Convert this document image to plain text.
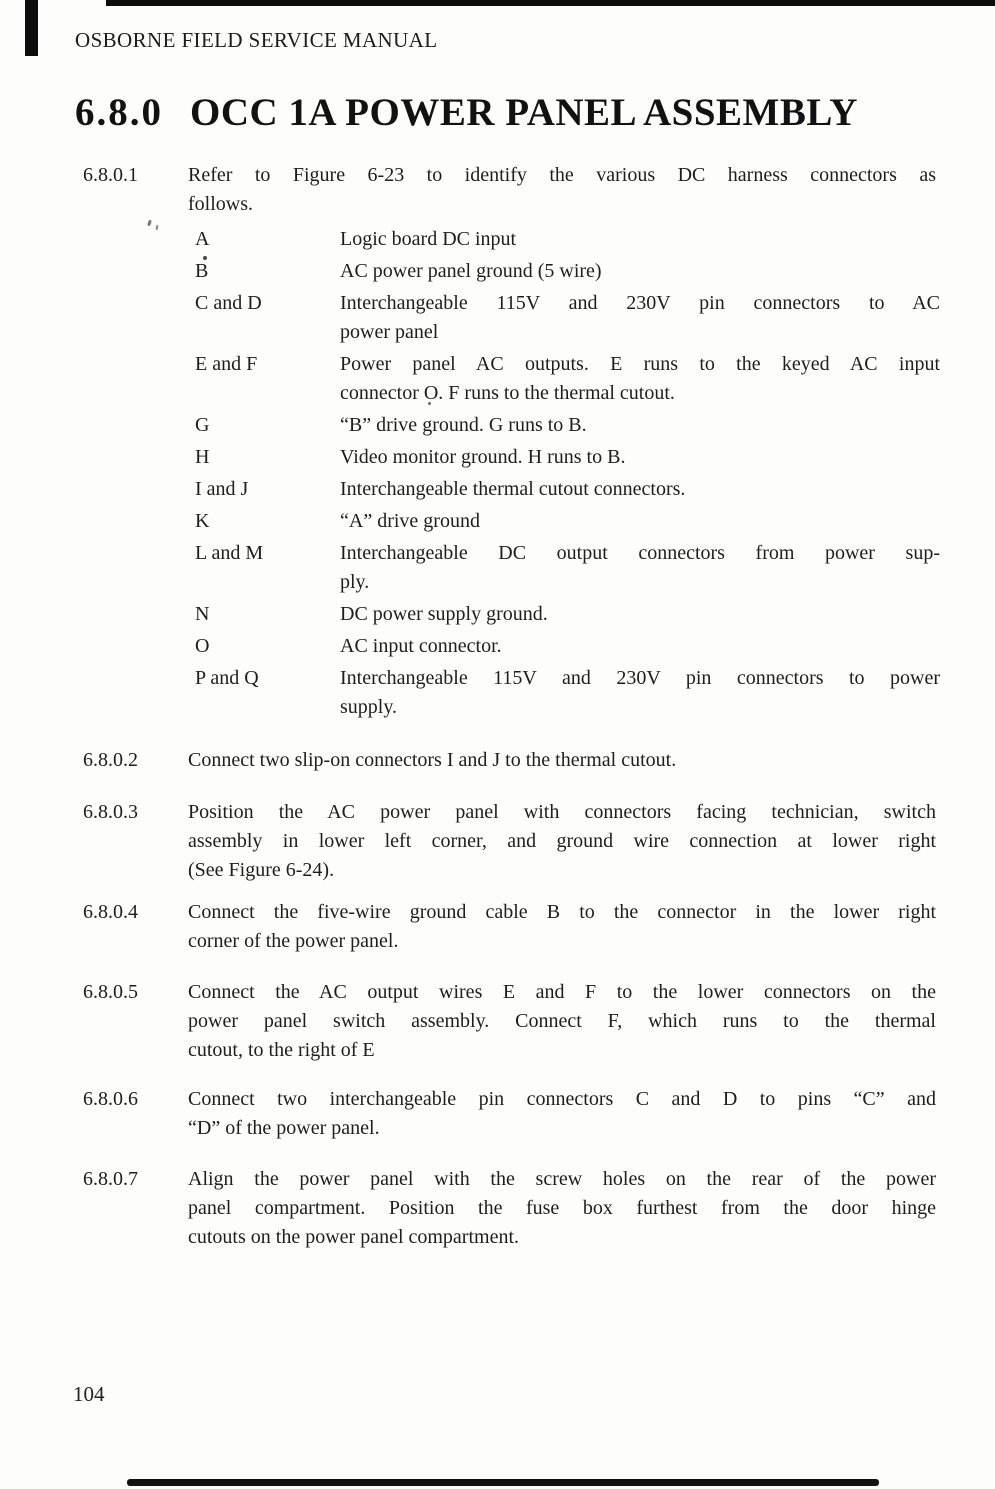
OSBORNE FIELD SERVICE MANUAL
6.8.0 OCC 1A POWER PANEL ASSEMBLY
6.8.0.1	Refer to Figure 6-23 to identify the various DC harness connectors as
follows.
A	Logic board DC input
B	AC power panel ground (5 wire)
C and D	Interchangeable 115V and 230V pin connectors to AC
power panel
E and F	Power panel AC outputs. E runs to the keyed AC input
connector O. F runs to the thermal cutout.
G	“B” drive ground. G runs to B.
H	Video monitor ground. H runs to B.
I and J	Interchangeable thermal cutout connectors.
K	“A” drive ground
L and M	Interchangeable DC output connectors from power sup-
ply.
N	DC power supply ground.
O	AC input connector.
P and Q	Interchangeable 115V and 230V pin connectors to power
supply.
6.8.0.2	Connect two slip-on connectors I and J to the thermal cutout.
6.8.0.3	Position the AC power panel with connectors facing technician, switch
assembly in lower left corner, and ground wire connection at lower right
(See Figure 6-24).
6.8.0.4	Connect the five-wire ground cable B to the connector in the lower right
corner of the power panel.
6.8.0.5	Connect the AC output wires E and F to the lower connectors on the
power panel switch assembly. Connect F, which runs to the thermal
cutout, to the right of E
6.8.0.6	Connect two interchangeable pin connectors C and D to pins “C” and
“D” of the power panel.
6.8.0.7	Align the power panel with the screw holes on the rear of the power
panel compartment. Position the fuse box furthest from the door hinge
cutouts on the power panel compartment.
104
